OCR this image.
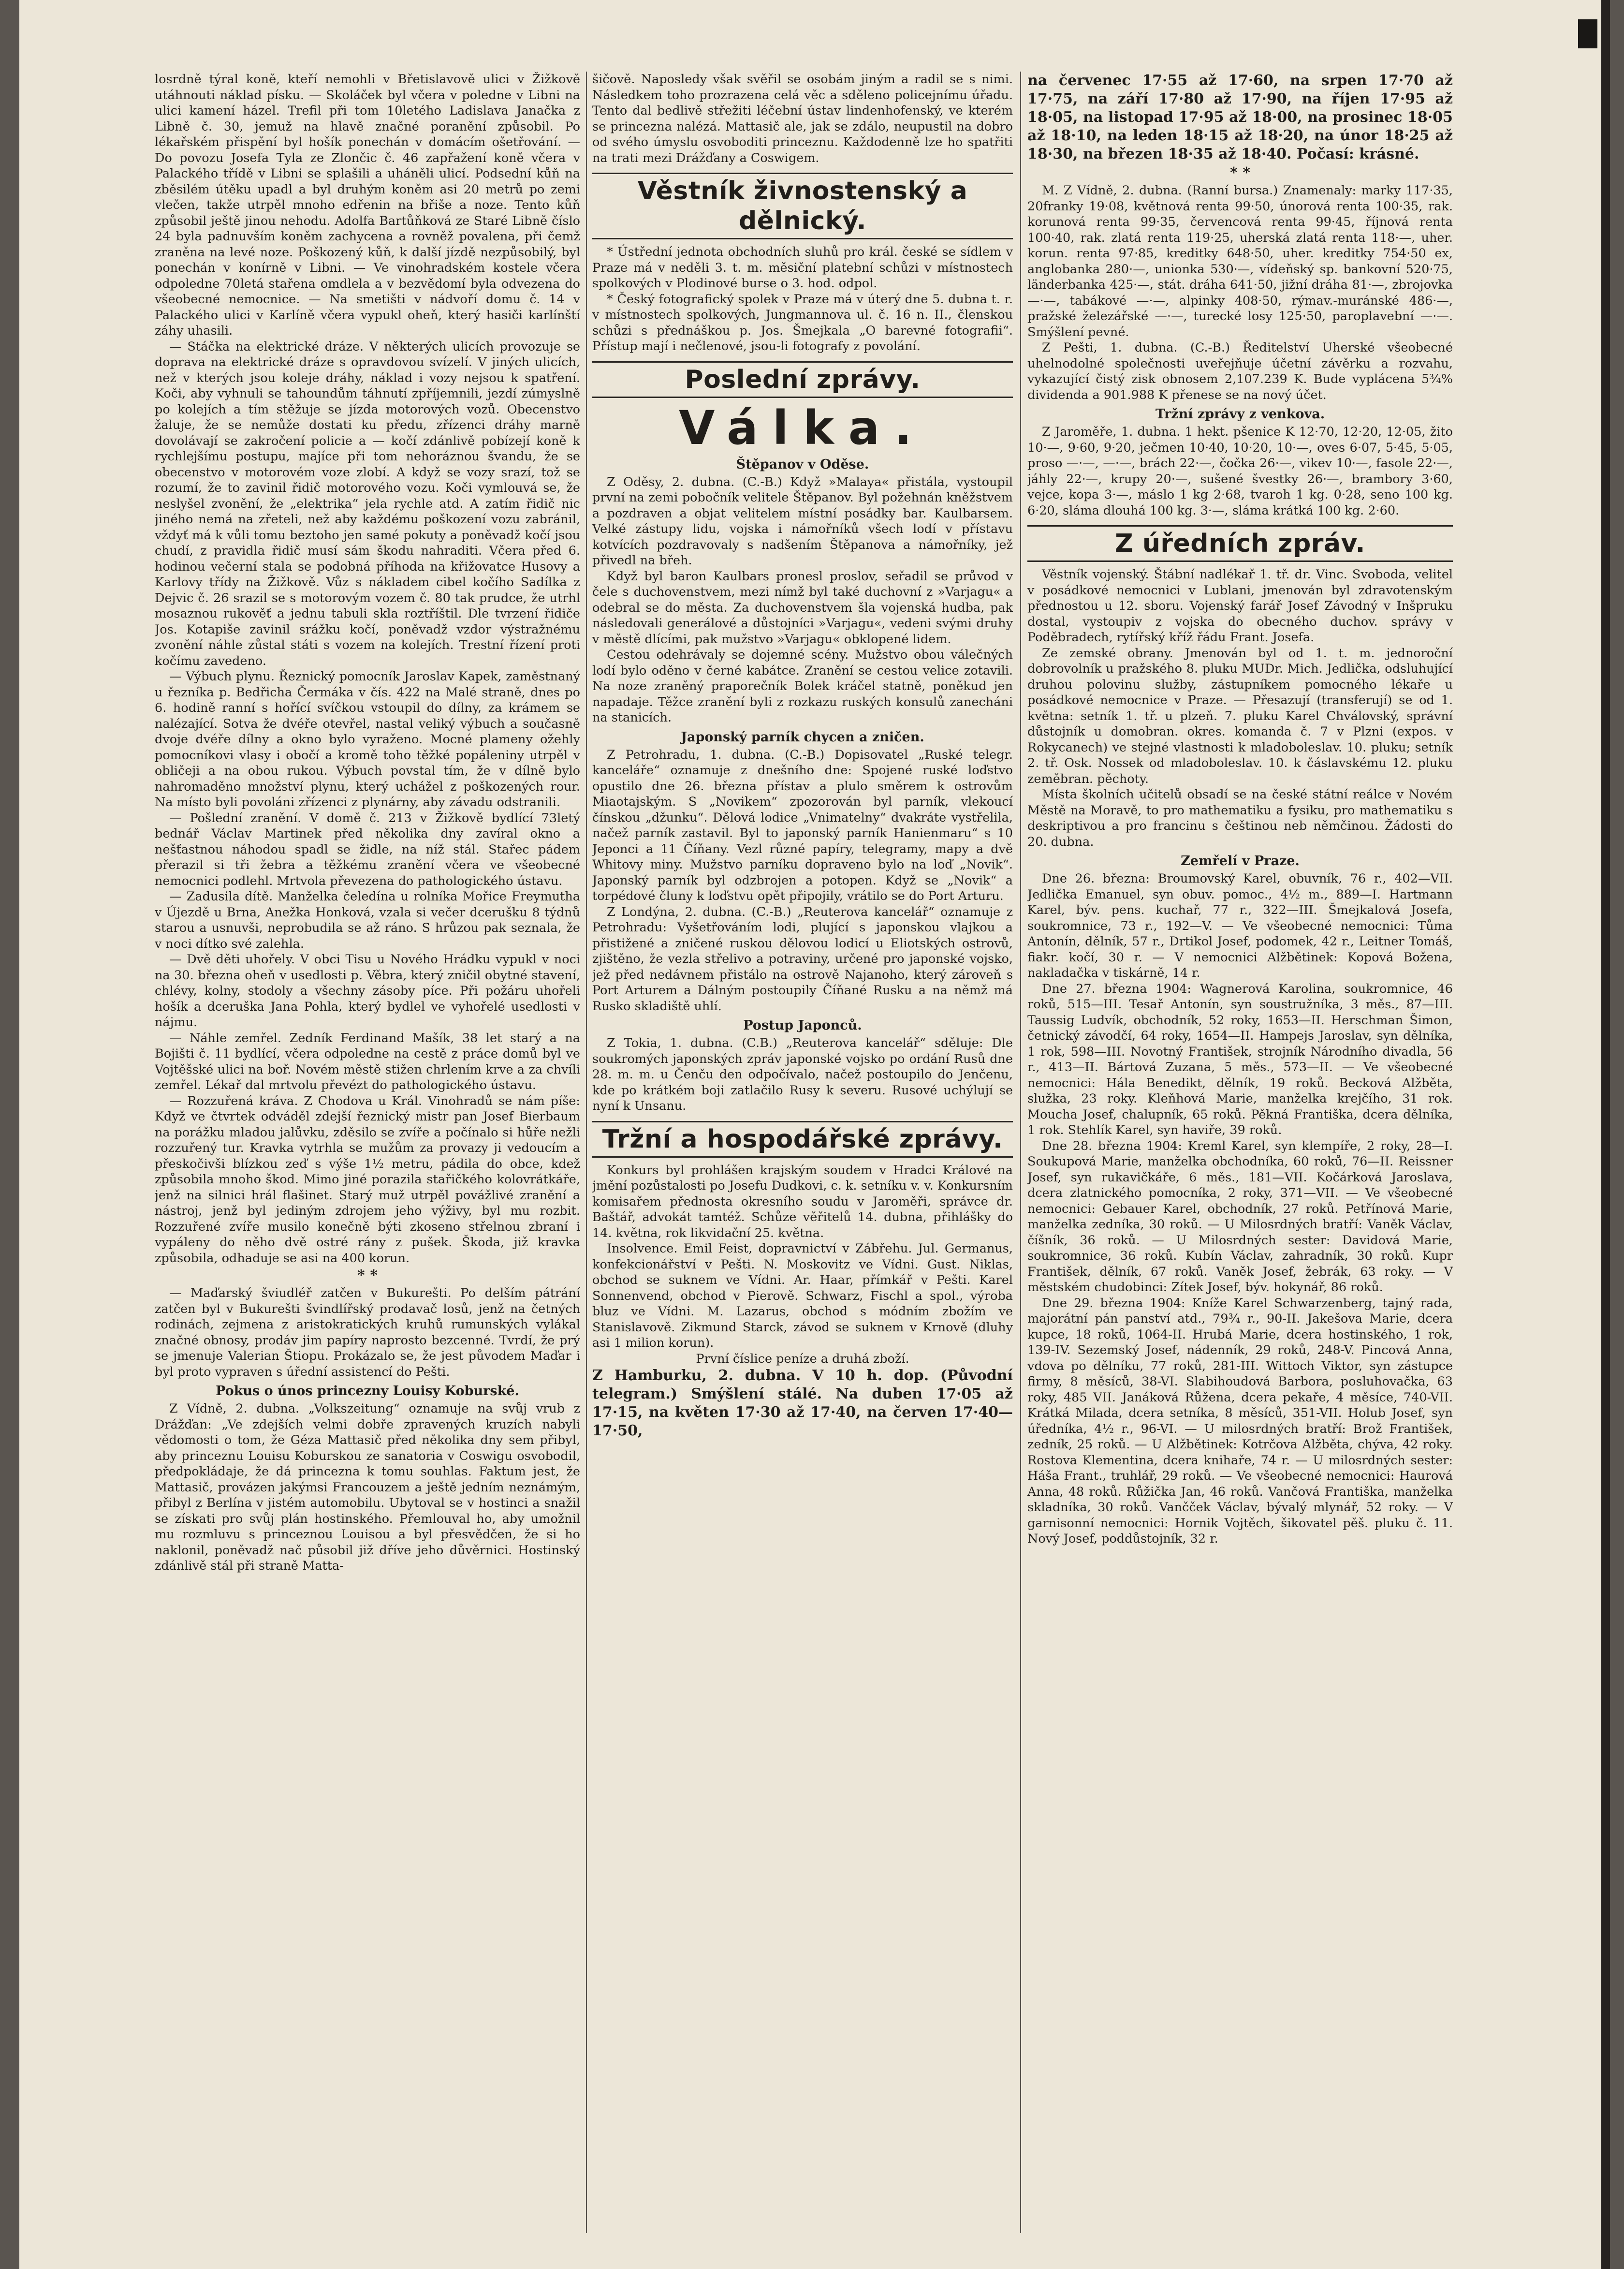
losrdně týral koně, kteří nemohli v Břetislavově ulici v Žižkově utáhnouti náklad písku. — Skoláček byl včera v poledne v Libni na ulici kamení házel. Trefil při tom 10letého Ladislava Janačka z Libně č. 30, jemuž na hlavě značné poranění způsobil. Po lékařském přispění byl hošík ponechán v domácím ošetřování. — Do povozu Josefa Tyla ze Zlončic č. 46 zapřažení koně včera v Palackého třídě v Libni se splašili a uháněli ulicí. Podsední kůň na zběsilém útěku upadl a byl druhým koněm asi 20 metrů po zemi vlečen, takže utrpěl mnoho edřenin na břiše a noze. Tento kůň způsobil ještě jinou nehodu. Adolfa Bartůňková ze Staré Libně číslo 24 byla padnuvším koněm zachycena a rovněž povalena, při čemž zraněna na levé noze. Poškozený kůň, k další jízdě nezpůsobilý, byl ponechán v konírně v Libni. — Ve vinohradském kostele včera odpoledne 70letá stařena omdlela a v bezvědomí byla odvezena do všeobecné nemocnice. — Na smetišti v nádvoří domu č. 14 v Palackého ulici v Karlíně včera vypukl oheň, který hasiči karlínští záhy uhasili.

— Stáčka na elektrické dráze. V některých ulicích provozuje se doprava na elektrické dráze s opravdovou svízelí. V jiných ulicích, než v kterých jsou koleje dráhy, náklad i vozy nejsou k spatření. Koči, aby vyhnuli se tahoundům táhnutí zpříjemnili, jezdí zúmyslně po kolejích a tím stěžuje se jízda motorových vozů. Obecenstvo žaluje, že se nemůže dostati ku předu, zřízenci dráhy marně dovolávají se zakročení policie a — kočí zdánlivě pobízejí koně k rychlejšímu postupu, majíce při tom nehoráznou švandu, že se obecenstvo v motorovém voze zlobí. A když se vozy srazí, tož se rozumí, že to zavinil řidič motorového vozu. Koči vymlouvá se, že neslyšel zvonění, že „elektrika“ jela rychle atd. A zatím řidič nic jiného nemá na zřeteli, než aby každému poškození vozu zabránil, vždyť má k vůli tomu beztoho jen samé pokuty a poněvadž kočí jsou chudí, z pravidla řidič musí sám škodu nahraditi. Včera před 6. hodinou večerní stala se podobná příhoda na křižovatce Husovy a Karlovy třídy na Žižkově. Vůz s nákladem cibel kočího Sadílka z Dejvic č. 26 srazil se s motorovým vozem č. 80 tak prudce, že utrhl mosaznou rukověť a jednu tabuli skla roztříštil. Dle tvrzení řidiče Jos. Kotapiše zavinil srážku kočí, poněvadž vzdor výstražnému zvonění náhle zůstal státi s vozem na kolejích. Trestní řízení proti kočímu zavedeno.

— Výbuch plynu. Řeznický pomocník Jaroslav Kapek, zaměstnaný u řezníka p. Bedřicha Čermáka v čís. 422 na Malé straně, dnes po 6. hodině ranní s hořící svíčkou vstoupil do dílny, za krámem se nalézající. Sotva že dvéře otevřel, nastal veliký výbuch a současně dvoje dvéře dílny a okno bylo vyraženo. Mocné plameny ožehly pomocníkovi vlasy i obočí a kromě toho těžké popáleniny utrpěl v obličeji a na obou rukou. Výbuch povstal tím, že v dílně bylo nahromaděno množství plynu, který uchážel z poškozených rour. Na místo byli povoláni zřízenci z plynárny, aby závadu odstranili.

— Pošlední zranění. V domě č. 213 v Žižkově bydlící 73letý bednář Václav Martinek před několika dny zavíral okno a nešťastnou náhodou spadl se židle, na níž stál. Stařec pádem přerazil si tři žebra a těžkému zranění včera ve všeobecné nemocnici podlehl. Mrtvola převezena do pathologického ústavu.

— Zadusila dítě. Manželka čeledína u rolníka Mořice Freymutha v Újezdě u Brna, Anežka Honková, vzala si večer dcerušku 8 týdnů starou a usnuvši, neprobudila se až ráno. S hrůzou pak seznala, že v noci dítko své zalehla.

— Dvě děti uhořely. V obci Tisu u Nového Hrádku vypukl v noci na 30. března oheň v usedlosti p. Věbra, který zničil obytné stavení, chlévy, kolny, stodoly a všechny zásoby píce. Při požáru uhořeli hošík a dceruška Jana Pohla, který bydlel ve vyhořelé usedlosti v nájmu.

— Náhle zemřel. Zedník Ferdinand Mašík, 38 let starý a na Bojišti č. 11 bydlící, včera odpoledne na cestě z práce domů byl ve Vojtěšské ulici na boř. Novém městě stižen chrlením krve a za chvíli zemřel. Lékař dal mrtvolu převézt do pathologického ústavu.

— Rozzuřená kráva. Z Chodova u Král. Vinohradů se nám píše: Když ve čtvrtek odváděl zdejší řeznický mistr pan Josef Bierbaum na porážku mladou jalůvku, zděsilo se zvíře a počínalo si hůře nežli rozzuřený tur. Kravka vytrhla se mužům za provazy ji vedoucím a přeskočivši blízkou zeď s výše 1½ metru, pádila do obce, kdež způsobila mnoho škod. Mimo jiné porazila stařičkého kolovrátkáře, jenž na silnici hrál flašinet. Starý muž utrpěl povážlivé zranění a nástroj, jenž byl jediným zdrojem jeho výživy, byl mu rozbit. Rozzuřené zvíře musilo konečně býti zkoseno střelnou zbraní i vypáleny do něho dvě ostré rány z pušek. Škoda, již kravka způsobila, odhaduje se asi na 400 korun.

* *

— Maďarský šviudléř zatčen v Bukurešti. Po delším pátrání zatčen byl v Bukurešti švindlířský prodavač losů, jenž na četných rodinách, zejmena z aristokratických kruhů rumunských vylákal značné obnosy, prodáv jim papíry naprosto bezcenné. Tvrdí, že prý se jmenuje Valerian Štiopu. Prokázalo se, že jest původem Maďar i byl proto vypraven s úřední assistencí do Pešti.

Pokus o únos princezny Louisy Koburské.

Z Vídně, 2. dubna. „Volkszeitung“ oznamuje na svůj vrub z Drážďan: „Ve zdejších velmi dobře zpravených kruzích nabyli vědomosti o tom, že Géza Mattasič před několika dny sem přibyl, aby princeznu Louisu Koburskou ze sanatoria v Coswigu osvobodil, předpokládaje, že dá princezna k tomu souhlas. Faktum jest, že Mattasič, provázen jakýmsi Francouzem a ještě jedním neznámým, přibyl z Berlína v jistém automobilu. Ubytoval se v hostinci a snažil se získati pro svůj plán hostinského. Přemlouval ho, aby umožnil mu rozmluvu s princeznou Louisou a byl přesvědčen, že si ho naklonil, poněvadž nač působil již dříve jeho důvěrnici. Hostinský zdánlivě stál při straně Matta-

šičově. Naposledy však svěřil se osobám jiným a radil se s nimi. Následkem toho prozrazena celá věc a sděleno policejnímu úřadu. Tento dal bedlivě střežiti léčební ústav lindenhofenský, ve kterém se princezna nalézá. Mattasič ale, jak se zdálo, neupustil na dobro od svého úmyslu osvoboditi princeznu. Každodenně lze ho spatřiti na trati mezi Drážďany a Coswigem.

Věstník živnostenský a dělnický.

* Ústřední jednota obchodních sluhů pro král. české se sídlem v Praze má v neděli 3. t. m. měsiční platební schůzi v místnostech spolkových v Plodinové burse o 3. hod. odpol.

* Český fotografický spolek v Praze má v úterý dne 5. dubna t. r. v místnostech spolkových, Jungmannova ul. č. 16 n. II., členskou schůzi s přednáškou p. Jos. Šmejkala „O barevné fotografii“. Přístup mají i nečlenové, jsou-li fotografy z povolání.

Poslední zprávy.
Válka.
Štěpanov v Oděse.

Z Oděsy, 2. dubna. (C.-B.) Když »Malaya« přistála, vystoupil první na zemi pobočník velitele Štěpanov. Byl požehnán kněžstvem a pozdraven a objat velitelem místní posádky bar. Kaulbarsem. Velké zástupy lidu, vojska i námořníků všech lodí v přístavu kotvících pozdravovaly s nadšením Štěpanova a námořníky, jež přivedl na břeh.

Když byl baron Kaulbars pronesl proslov, seřadil se průvod v čele s duchovenstvem, mezi nímž byl také duchovní z »Varjagu« a odebral se do města. Za duchovenstvem šla vojenská hudba, pak následovali generálové a důstojníci »Varjagu«, vedeni svými druhy v městě dlícími, pak mužstvo »Varjagu« obklopené lidem.

Cestou odehrávaly se dojemné scény. Mužstvo obou válečných lodí bylo oděno v černé kabátce. Zranění se cestou velice zotavili. Na noze zraněný praporečník Bolek kráčel statně, poněkud jen napadaje. Těžce zranění byli z rozkazu ruských konsulů zanecháni na stanicích.

Japonský parník chycen a zničen.

Z Petrohradu, 1. dubna. (C.-B.) Dopisovatel „Ruské telegr. kanceláře“ oznamuje z dnešního dne: Spojené ruské loďstvo opustilo dne 26. března přístav a plulo směrem k ostrovům Miaotajským. S „Novikem“ zpozorován byl parník, vlekoucí čínskou „džunku“. Dělová lodice „Vnimatelny“ dvakráte vystřelila, načež parník zastavil. Byl to japonský parník Hanienmaru“ s 10 Jeponci a 11 Číňany. Vezl různé papíry, telegramy, mapy a dvě Whitovy miny. Mužstvo parníku dopraveno bylo na loď „Novik“. Japonský parník byl odzbrojen a potopen. Když se „Novik“ a torpédové čluny k loďstvu opět připojily, vrátilo se do Port Arturu.

Z Londýna, 2. dubna. (C.-B.) „Reuterova kancelář“ oznamuje z Petrohradu: Vyšetřováním lodi, plující s japonskou vlajkou a přistižené a zničené ruskou dělovou lodicí u Eliotských ostrovů, zjištěno, že vezla střelivo a potraviny, určené pro japonské vojsko, jež před nedávnem přistálo na ostrově Najanoho, který zároveň s Port Arturem a Dálným postoupily Číňané Rusku a na němž má Rusko skladiště uhlí.

Postup Japonců.

Z Tokia, 1. dubna. (C.B.) „Reuterova kancelář“ sděluje: Dle soukromých japonských zpráv japonské vojsko po ordání Rusů dne 28. m. m. u Čenču den odpočívalo, načež postoupilo do Jenčenu, kde po krátkém boji zatlačilo Rusy k severu. Rusové uchýlují se nyní k Unsanu.

Tržní a hospodářské zprávy.

Konkurs byl prohlášen krajským soudem v Hradci Králové na jmění pozůstalosti po Josefu Dudkovi, c. k. setníku v. v. Konkursním komisařem přednosta okresního soudu v Jaroměři, správce dr. Baštář, advokát tamtéž. Schůze věřitelů 14. dubna, přihlášky do 14. května, rok likvidační 25. května.

Insolvence. Emil Feist, dopravnictví v Zábřehu. Jul. Germanus, konfekcionářství v Pešti. N. Moskovitz ve Vídni. Gust. Niklas, obchod se suknem ve Vídni. Ar. Haar, přímkář v Pešti. Karel Sonnenvend, obchod v Pierově. Schwarz, Fischl a spol., výroba bluz ve Vídni. M. Lazarus, obchod s módním zbožím ve Stanislavově. Zikmund Starck, závod se suknem v Krnově (dluhy asi 1 milion korun).

První číslice peníze a druhá zboží.

Z Hamburku, 2. dubna. V 10 h. dop. (Původní telegram.) Smýšlení stálé. Na duben 17·05 až 17·15, na květen 17·30 až 17·40, na červen 17·40—17·50,

na červenec 17·55 až 17·60, na srpen 17·70 až 17·75, na září 17·80 až 17·90, na říjen 17·95 až 18·05, na listopad 17·95 až 18·00, na prosinec 18·05 až 18·10, na leden 18·15 až 18·20, na únor 18·25 až 18·30, na březen 18·35 až 18·40. Počasí: krásné.

* *

M. Z Vídně, 2. dubna. (Ranní bursa.) Znamenaly: marky 117·35, 20franky 19·08, květnová renta 99·50, únorová renta 100·35, rak. korunová renta 99·35, červencová renta 99·45, říjnová renta 100·40, rak. zlatá renta 119·25, uherská zlatá renta 118·—, uher. korun. renta 97·85, kreditky 648·50, uher. kreditky 754·50 ex, anglobanka 280·—, unionka 530·—, vídeňský sp. bankovní 520·75, länderbanka 425·—, stát. dráha 641·50, jižní dráha 81·—, zbrojovka —·—, tabákové —·—, alpinky 408·50, rýmav.-muránské 486·—, pražské železářské —·—, turecké losy 125·50, paroplavební —·—. Smýšlení pevné.

Z Pešti, 1. dubna. (C.-B.) Ředitelství Uherské všeobecné uhelnodolné společnosti uveřejňuje účetní závěrku a rozvahu, vykazující čistý zisk obnosem 2,107.239 K. Bude vyplácena 5¾% dividenda a 901.988 K přenese se na nový účet.

Tržní zprávy z venkova.

Z Jaroměře, 1. dubna. 1 hekt. pšenice K 12·70, 12·20, 12·05, žito 10·—, 9·60, 9·20, ječmen 10·40, 10·20, 10·—, oves 6·07, 5·45, 5·05, proso —·—, —·—, brách 22·—, čočka 26·—, vikev 10·—, fasole 22·—, jáhly 22·—, krupy 20·—, sušené švestky 26·—, brambory 3·60, vejce, kopa 3·—, máslo 1 kg 2·68, tvaroh 1 kg. 0·28, seno 100 kg. 6·20, sláma dlouhá 100 kg. 3·—, sláma krátká 100 kg. 2·60.

Z úředních zpráv.

Věstník vojenský. Štábní nadlékař 1. tř. dr. Vinc. Svoboda, velitel v posádkové nemocnici v Lublani, jmenován byl zdravotenským přednostou u 12. sboru. Vojenský farář Josef Závodný v Inšpruku dostal, vystoupiv z vojska do obecného duchov. správy v Poděbradech, rytířský kříž řádu Frant. Josefa.

Ze zemské obrany. Jmenován byl od 1. t. m. jednoroční dobrovolník u pražského 8. pluku MUDr. Mich. Jedlička, odsluhující druhou polovinu služby, zástupníkem pomocného lékaře u posádkové nemocnice v Praze. — Přesazují (transferují) se od 1. května: setník 1. tř. u plzeň. 7. pluku Karel Chválovský, správní důstojník u domobran. okres. komanda č. 7 v Plzni (expos. v Rokycanech) ve stejné vlastnosti k mladoboleslav. 10. pluku; setník 2. tř. Osk. Nossek od mladoboleslav. 10. k čáslavskému 12. pluku zeměbran. pěchoty.

Místa školních učitelů obsadí se na české státní reálce v Novém Městě na Moravě, to pro mathematiku a fysiku, pro mathematiku s deskriptivou a pro francinu s češtinou neb němčinou. Žádosti do 20. dubna.

Zemřelí v Praze.

Dne 26. března: Broumovský Karel, obuvník, 76 r., 402—VII. Jedlička Emanuel, syn obuv. pomoc., 4½ m., 889—I. Hartmann Karel, býv. pens. kuchař, 77 r., 322—III. Šmejkalová Josefa, soukromnice, 73 r., 192—V. — Ve všeobecné nemocnici: Tůma Antonín, dělník, 57 r., Drtikol Josef, podomek, 42 r., Leitner Tomáš, fiakr. kočí, 30 r. — V nemocnici Alžbětinek: Kopová Božena, nakladačka v tiskárně, 14 r.

Dne 27. března 1904: Wagnerová Karolina, soukromnice, 46 roků, 515—III. Tesař Antonín, syn soustružníka, 3 měs., 87—III. Taussig Ludvík, obchodník, 52 roky, 1653—II. Herschman Šimon, četnický závodčí, 64 roky, 1654—II. Hampejs Jaroslav, syn dělníka, 1 rok, 598—III. Novotný František, strojník Národního divadla, 56 r., 413—II. Bártová Zuzana, 5 měs., 573—II. — Ve všeobecné nemocnici: Hála Benedikt, dělník, 19 roků. Becková Alžběta, služka, 23 roky. Kleňhová Marie, manželka krejčího, 31 rok. Moucha Josef, chalupník, 65 roků. Pěkná Františka, dcera dělníka, 1 rok. Stehlík Karel, syn haviře, 39 roků.

Dne 28. března 1904: Kreml Karel, syn klempíře, 2 roky, 28—I. Soukupová Marie, manželka obchodníka, 60 roků, 76—II. Reissner Josef, syn rukavičkáře, 6 měs., 181—VII. Kočárková Jaroslava, dcera zlatnického pomocníka, 2 roky, 371—VII. — Ve všeobecné nemocnici: Gebauer Karel, obchodník, 27 roků. Petřínová Marie, manželka zedníka, 30 roků. — U Milosrdných bratří: Vaněk Václav, číšník, 36 roků. — U Milosrdných sester: Davidová Marie, soukromnice, 36 roků. Kubín Václav, zahradník, 30 roků. Kupr František, dělník, 67 roků. Vaněk Josef, žebrák, 63 roky. — V městském chudobinci: Zítek Josef, býv. hokynář, 86 roků.

Dne 29. března 1904: Kníže Karel Schwarzenberg, tajný rada, majorátní pán panství atd., 79¾ r., 90-II. Jakešova Marie, dcera kupce, 18 roků, 1064-II. Hrubá Marie, dcera hostinského, 1 rok, 139-IV. Sezemský Josef, nádenník, 29 roků, 248-V. Pincová Anna, vdova po dělníku, 77 roků, 281-III. Wittoch Viktor, syn zástupce firmy, 8 měsíců, 38-VI. Slabihoudová Barbora, posluhovačka, 63 roky, 485 VII. Janáková Růžena, dcera pekaře, 4 měsíce, 740-VII. Krátká Milada, dcera setníka, 8 měsíců, 351-VII. Holub Josef, syn úředníka, 4½ r., 96-VI. — U milosrdných bratří: Brož František, zedník, 25 roků. — U Alžbětinek: Kotrčova Alžběta, chýva, 42 roky. Rostova Klementina, dcera knihaře, 74 r. — U milosrdných sester: Háša Frant., truhlář, 29 roků. — Ve všeobecné nemocnici: Haurová Anna, 48 roků. Růžička Jan, 46 roků. Vančová Františka, manželka skladníka, 30 roků. Vančček Václav, bývalý mlynář, 52 roky. — V garnisonní nemocnici: Hornik Vojtěch, šikovatel pěš. pluku č. 11. Nový Josef, poddůstojník, 32 r.
